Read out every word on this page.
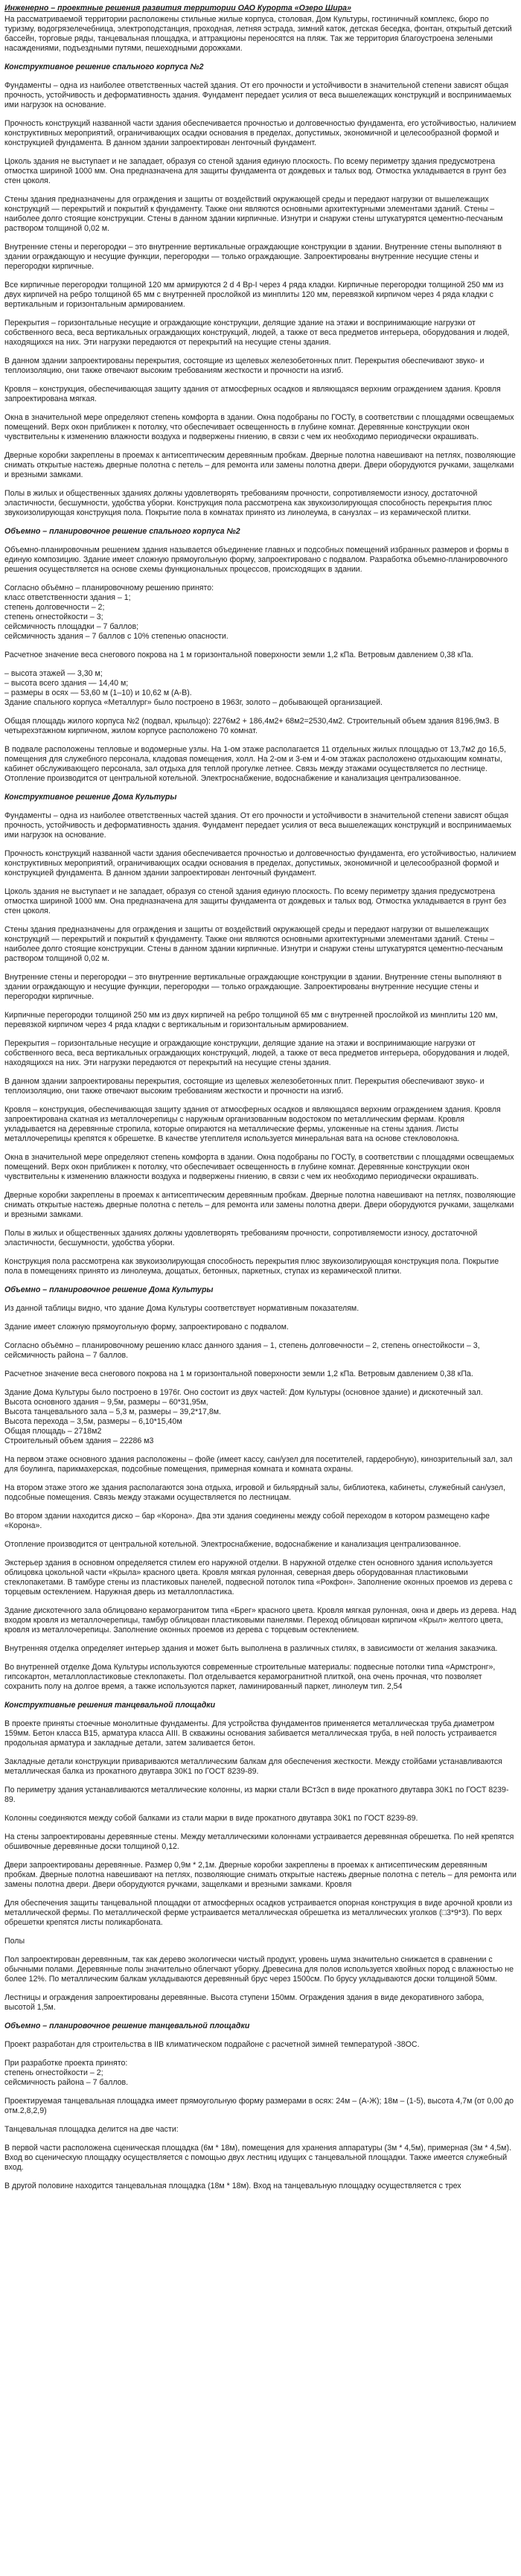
Инженерно – проектные решения развития территории ОАО Курорта «Озеро Шира»

На рассматриваемой территории расположены стильные жилые корпуса, столовая, Дом Культуры, гостиничный комплекс, бюро по туризму, водогрязелечебница, электроподстанция, проходная, летняя эстрада, зимний каток, детская беседка, фонтан, открытый детский бассейн, торговые ряды, танцевальная площадка, и аттракционы переносятся на пляж. Так же территория благоустроена зелеными насаждениями, подъездными путями, пешеходными дорожками.

Конструктивное решение спального корпуса №2

Фундаменты – одна из наиболее ответственных частей здания. От его прочности и устойчивости в значительной степени зависят общая прочность, устойчивость и деформативность здания. Фундамент передает усилия от веса вышележащих конструкций и воспринимаемых ими нагрузок на основание.

Прочность конструкций названной части здания обеспечивается прочностью и долговечностью фундамента, его устойчивостью, наличием конструктивных мероприятий, ограничивающих осадки основания в пределах, допустимых, экономичной и целесообразной формой и конструкцией фундамента. В данном здании запроектирован ленточный фундамент.

Цоколь здания не выступает и не западает, образуя со стеной здания единую плоскость. По всему периметру здания предусмотрена отмостка шириной 1000 мм. Она предназначена для защиты фундамента от дождевых и талых вод. Отмостка укладывается в грунт без стен цоколя.

Стены здания предназначены для ограждения и защиты от воздействий окружающей среды и передают нагрузки от вышележащих конструкций — перекрытий и покрытий к фундаменту. Также они являются основными архитектурными элементами зданий. Стены – наиболее долго стоящие конструкции. Стены в данном здании кирпичные. Изнутри и снаружи стены штукатурятся цементно-песчаным раствором толщиной 0,02 м.

Внутренние стены и перегородки – это внутренние вертикальные ограждающие конструкции в здании. Внутренние стены выполняют в здании ограждающую и несущие функции, перегородки — только ограждающие. Запроектированы внутренние несущие стены и перегородки кирпичные.

Все кирпичные перегородки толщиной 120 мм армируются 2 d 4 Вр-I через 4 ряда кладки. Кирпичные перегородки толщиной 250 мм из двух кирпичей на ребро толщиной 65 мм с внутренней прослойкой из минплиты 120 мм, перевязкой кирпичом через 4 ряда кладки с вертикальным и горизонтальным армированием.

Перекрытия – горизонтальные несущие и ограждающие конструкции, делящие здание на этажи и воспринимающие нагрузки от собственного веса, веса вертикальных ограждающих конструкций, людей, а также от веса предметов интерьера, оборудования и людей, находящихся на них. Эти нагрузки передаются от перекрытий на несущие стены здания.

В данном здании запроектированы перекрытия, состоящие из щелевых железобетонных плит. Перекрытия обеспечивают звуко- и теплоизоляцию, они также отвечают высоким требованиям жесткости и прочности на изгиб.

Кровля – конструкция, обеспечивающая защиту здания от атмосферных осадков и являющаяся верхним ограждением здания. Кровля запроектирована мягкая.

Окна в значительной мере определяют степень комфорта в здании. Окна подобраны по ГОСТу, в соответствии с площадями освещаемых помещений. Верх окон приближен к потолку, что обеспечивает освещенность в глубине комнат. Деревянные конструкции окон чувствительны к изменению влажности воздуха и подвержены гниению, в связи с чем их необходимо периодически окрашивать.

Дверные коробки закреплены в проемах к антисептическим деревянным пробкам. Дверные полотна навешивают на петлях, позволяющие снимать открытые настежь дверные полотна с петель – для ремонта или замены полотна двери. Двери оборудуются ручками, защелками и врезными замками.

Полы в жилых и общественных зданиях должны удовлетворять требованиям прочности, сопротивляемости износу, достаточной эластичности, бесшумности, удобства уборки. Конструкция пола рассмотрена как звукоизолирующая способность перекрытия плюс звукоизолирующая конструкция пола. Покрытие пола в комнатах принято из линолеума, в санузлах – из керамической плитки.

Объемно – планировочное решение спального корпуса №2

Объемно-планировочным решением здания называется объединение главных и подсобных помещений избранных размеров и формы в единую композицию. Здание имеет сложную прямоугольную форму, запроектировано с подвалом. Разработка объемно-планировочного решения осуществляется на основе схемы функциональных процессов, происходящих в здании.

Согласно объёмно – планировочному решению принято:

класс ответственности здания – 1;

степень долговечности – 2;

степень огнестойкости – 3;

сейсмичность площадки – 7 баллов;

сейсмичность здания – 7 баллов с 10% степенью опасности.

Расчетное значение веса снегового покрова на 1 м горизонтальной поверхности земли 1,2 кПа. Ветровым давлением 0,38 кПа.

– высота этажей — 3,30 м;

– высота всего здания — 14,40 м;

– размеры в осях — 53,60 м (1–10) и 10,62 м (А-В).

Здание спального корпуса «Металлург» было построено в 1963г, золото – добывающей организацией.

Общая площадь жилого корпуса №2 (подвал, крыльцо): 2276м2 + 186,4м2+ 68м2=2530,4м2. Строительный объем здания 8196,9м3. В четырехэтажном кирпичном, жилом корпусе расположено 70 комнат.

В подвале расположены тепловые и водомерные узлы. На 1-ом этаже располагается 11 отдельных жилых площадью от 13,7м2 до 16,5, помещения для служебного персонала, кладовая помещения, холл. На 2-ом и 3-ем и 4-ом этажах расположено отдыхающим комнаты, кабинет обслуживающего персонала, зал отдыха для теплой прогулке летнее. Связь между этажами осуществляется по лестнице. Отопление производится от центральной котельной. Электроснабжение, водоснабжение и канализация централизованное.

Конструктивное решение Дома Культуры

Фундаменты – одна из наиболее ответственных частей здания. От его прочности и устойчивости в значительной степени зависят общая прочность, устойчивость и деформативность здания. Фундамент передает усилия от веса вышележащих конструкций и воспринимаемых ими нагрузок на основание.

Прочность конструкций названной части здания обеспечивается прочностью и долговечностью фундамента, его устойчивостью, наличием конструктивных мероприятий, ограничивающих осадки основания в пределах, допустимых, экономичной и целесообразной формой и конструкцией фундамента. В данном здании запроектирован ленточный фундамент.

Цоколь здания не выступает и не западает, образуя со стеной здания единую плоскость. По всему периметру здания предусмотрена отмостка шириной 1000 мм. Она предназначена для защиты фундамента от дождевых и талых вод. Отмостка укладывается в грунт без стен цоколя.

Стены здания предназначены для ограждения и защиты от воздействий окружающей среды и передают нагрузки от вышележащих конструкций — перекрытий и покрытий к фундаменту. Также они являются основными архитектурными элементами зданий. Стены – наиболее долго стоящие конструкции. Стены в данном здании кирпичные. Изнутри и снаружи стены штукатурятся цементно-песчаным раствором толщиной 0,02 м.

Внутренние стены и перегородки – это внутренние вертикальные ограждающие конструкции в здании. Внутренние стены выполняют в здании ограждающую и несущие функции, перегородки — только ограждающие. Запроектированы внутренние несущие стены и перегородки кирпичные.

Кирпичные перегородки толщиной 250 мм из двух кирпичей на ребро толщиной 65 мм с внутренней прослойкой из минплиты 120 мм, перевязкой кирпичом через 4 ряда кладки с вертикальным и горизонтальным армированием.

Перекрытия – горизонтальные несущие и ограждающие конструкции, делящие здание на этажи и воспринимающие нагрузки от собственного веса, веса вертикальных ограждающих конструкций, людей, а также от веса предметов интерьера, оборудования и людей, находящихся на них. Эти нагрузки передаются от перекрытий на несущие стены здания.

В данном здании запроектированы перекрытия, состоящие из щелевых железобетонных плит. Перекрытия обеспечивают звуко- и теплоизоляцию, они также отвечают высоким требованиям жесткости и прочности на изгиб.

Кровля – конструкция, обеспечивающая защиту здания от атмосферных осадков и являющаяся верхним ограждением здания. Кровля запроектирована скатная из металлочерепицы с наружным организованным водостоком по металлическим фермам. Кровля укладывается на деревянные стропила, которые опираются на металлические фермы, уложенные на стены здания. Листы металлочерепицы крепятся к обрешетке. В качестве утеплителя используется минеральная вата на основе стекловолокна.

Окна в значительной мере определяют степень комфорта в здании. Окна подобраны по ГОСТу, в соответствии с площадями освещаемых помещений. Верх окон приближен к потолку, что обеспечивает освещенность в глубине комнат. Деревянные конструкции окон чувствительны к изменению влажности воздуха и подвержены гниению, в связи с чем их необходимо периодически окрашивать.

Дверные коробки закреплены в проемах к антисептическим деревянным пробкам. Дверные полотна навешивают на петлях, позволяющие снимать открытые настежь дверные полотна с петель – для ремонта или замены полотна двери. Двери оборудуются ручками, защелками и врезными замками.

Полы в жилых и общественных зданиях должны удовлетворять требованиям прочности, сопротивляемости износу, достаточной эластичности, бесшумности, удобства уборки.

Конструкция пола рассмотрена как звукоизолирующая способность перекрытия плюс звукоизолирующая конструкция пола. Покрытие пола в помещениях принято из линолеума, дощатых, бетонных, паркетных, ступах из керамической плитки.

Объемно – планировочное решение Дома Культуры

Из данной таблицы видно, что здание Дома Культуры соответствует нормативным показателям.

Здание имеет сложную прямоугольную форму, запроектировано с подвалом.

Согласно объёмно – планировочному решению класс данного здания – 1, степень долговечности – 2, степень огнестойкости – 3, сейсмичность района – 7 баллов.

Расчетное значение веса снегового покрова на 1 м горизонтальной поверхности земли 1,2 кПа. Ветровым давлением 0,38 кПа.

Здание Дома Культуры было построено в 1976г. Оно состоит из двух частей: Дом Культуры (основное здание) и дискотечный зал.

Высота основного здания – 9,5м, размеры – 60*31,95м,

Высота танцевального зала – 5,3 м, размеры – 39,2*17,8м.

Высота перехода – 3,5м, размеры – 6,10*15,40м

Общая площадь – 2718м2

Строительный объем здания – 22286 м3

На первом этаже основного здания расположены – фойе (имеет кассу, сан/узел для посетителей, гардеробную), кинозрительный зал, зал для боулинга, парикмахерская, подсобные помещения, примерная комната и комната охраны.

На втором этаже этого же здания располагаются зона отдыха, игровой и бильярдный залы, библиотека, кабинеты, служебный сан/узел, подсобные помещения. Связь между этажами осуществляется по лестницам.

Во втором здании находится диско – бар «Корона». Два эти здания соединены между собой переходом в котором размещено кафе «Корона».

Отопление производится от центральной котельной. Электроснабжение, водоснабжение и канализация централизованное.

Экстерьер здания в основном определяется стилем его наружной отделки. В наружной отделке стен основного здания используется облицовка цокольной части «Крыла» красного цвета. Кровля мягкая рулонная, северная дверь оборудованная пластиковыми стеклопакетами. В тамбуре стены из пластиковых панелей, подвесной потолок типа «Рокфон». Заполнение оконных проемов из дерева с торцевым остеклением. Наружная дверь из металлопластика.

Здание дискотечного зала облицовано керамогранитом типа «Брег» красного цвета. Кровля мягкая рулонная, окна и дверь из дерева. Над входом кровля из металлочерепицы, тамбур облицован пластиковыми панелями. Переход облицован кирпичом «Крыл» желтого цвета, кровля из металлочерепицы. Заполнение оконных проемов из дерева с торцевым остеклением.

Внутренняя отделка определяет интерьер здания и может быть выполнена в различных стилях, в зависимости от желания заказчика.

Во внутренней отделке Дома Культуры используются современные строительные материалы: подвесные потолки типа «Армстронг», гипсокартон, металлопластиковые стеклопакеты. Пол отделывается керамогранитной плиткой, она очень прочная, что позволяет сохранить полу на долгое время, а также используются паркет, ламинированный паркет, линолеум тип. 2,54

Конструктивные решения танцевальной площадки

В проекте приняты стоечные монолитные фундаменты. Для устройства фундаментов применяется металлическая труба диаметром 159мм. Бетон класса В15, арматура класса АIII. В скважины основания забивается металлическая труба, в ней полость устраивается продольная арматура и закладные детали, затем заливается бетон.

Закладные детали конструкции привариваются металлическим балкам для обеспечения жесткости. Между стойбами устанавливаются металлическая балка из прокатного двутавра 30К1 по ГОСТ 8239-89.

По периметру здания устанавливаются металлические колонны, из марки стали ВСт3сп в виде прокатного двутавра 30К1 по ГОСТ 8239-89.

Колонны соединяются между собой балками из стали марки в виде прокатного двутавра 30К1 по ГОСТ 8239-89.

На стены запроектированы деревянные стены. Между металлическими колоннами устраивается деревянная обрешетка. По ней крепятся обшивочные деревянные доски толщиной 0,12.

Двери запроектированы деревянные. Размер 0,9м * 2,1м. Дверные коробки закреплены в проемах к антисептическим деревянным пробкам. Дверные полотна навешивают на петлях, позволяющие снимать открытые настежь дверные полотна с петель – для ремонта или замены полотна двери. Двери оборудуются ручками, защелками и врезными замками. Кровля

Для обеспечения защиты танцевальной площадки от атмосферных осадков устраивается опорная конструкция в виде арочной кровли из металлической фермы. По металлической ферме устраивается металлическая обрешетка из металлических уголков (□3*9*3). По верх обрешетки крепятся листы поликарбоната.

Полы

Пол запроектирован деревянным, так как дерево экологически чистый продукт, уровень шума значительно снижается в сравнении с обычными полами. Деревянные полы значительно облегчают уборку. Древесина для полов используется хвойных пород с влажностью не более 12%. По металлическим балкам укладываются деревянный брус через 1500см. По брусу укладываются доски толщиной 50мм.

Лестницы и ограждения запроектированы деревянные. Высота ступени 150мм. Ограждения здания в виде декоративного забора, высотой 1,5м.

Объемно – планировочное решение танцевальной площадки

Проект разработан для строительства в IIВ климатическом подрайоне с расчетной зимней температурой -38ОС.

При разработке проекта принято:

степень огнестойкости – 2;

сейсмичность района – 7 баллов.

Проектируемая танцевальная площадка имеет прямоугольную форму размерами в осях: 24м – (А-Ж); 18м – (1-5), высота 4,7м (от 0,00 до отм.2,8,2,9)

Танцевальная площадка делится на две части:

В первой части расположена сценическая площадка (6м * 18м), помещения для хранения аппаратуры (3м * 4,5м), примерная (3м * 4,5м). Вход во сценическую площадку осуществляется с помощью двух лестниц идущих с танцевальной площадки. Также имеется служебный вход.

В другой половине находится танцевальная площадка (18м * 18м). Вход на танцевальную площадку осуществляется с трех
